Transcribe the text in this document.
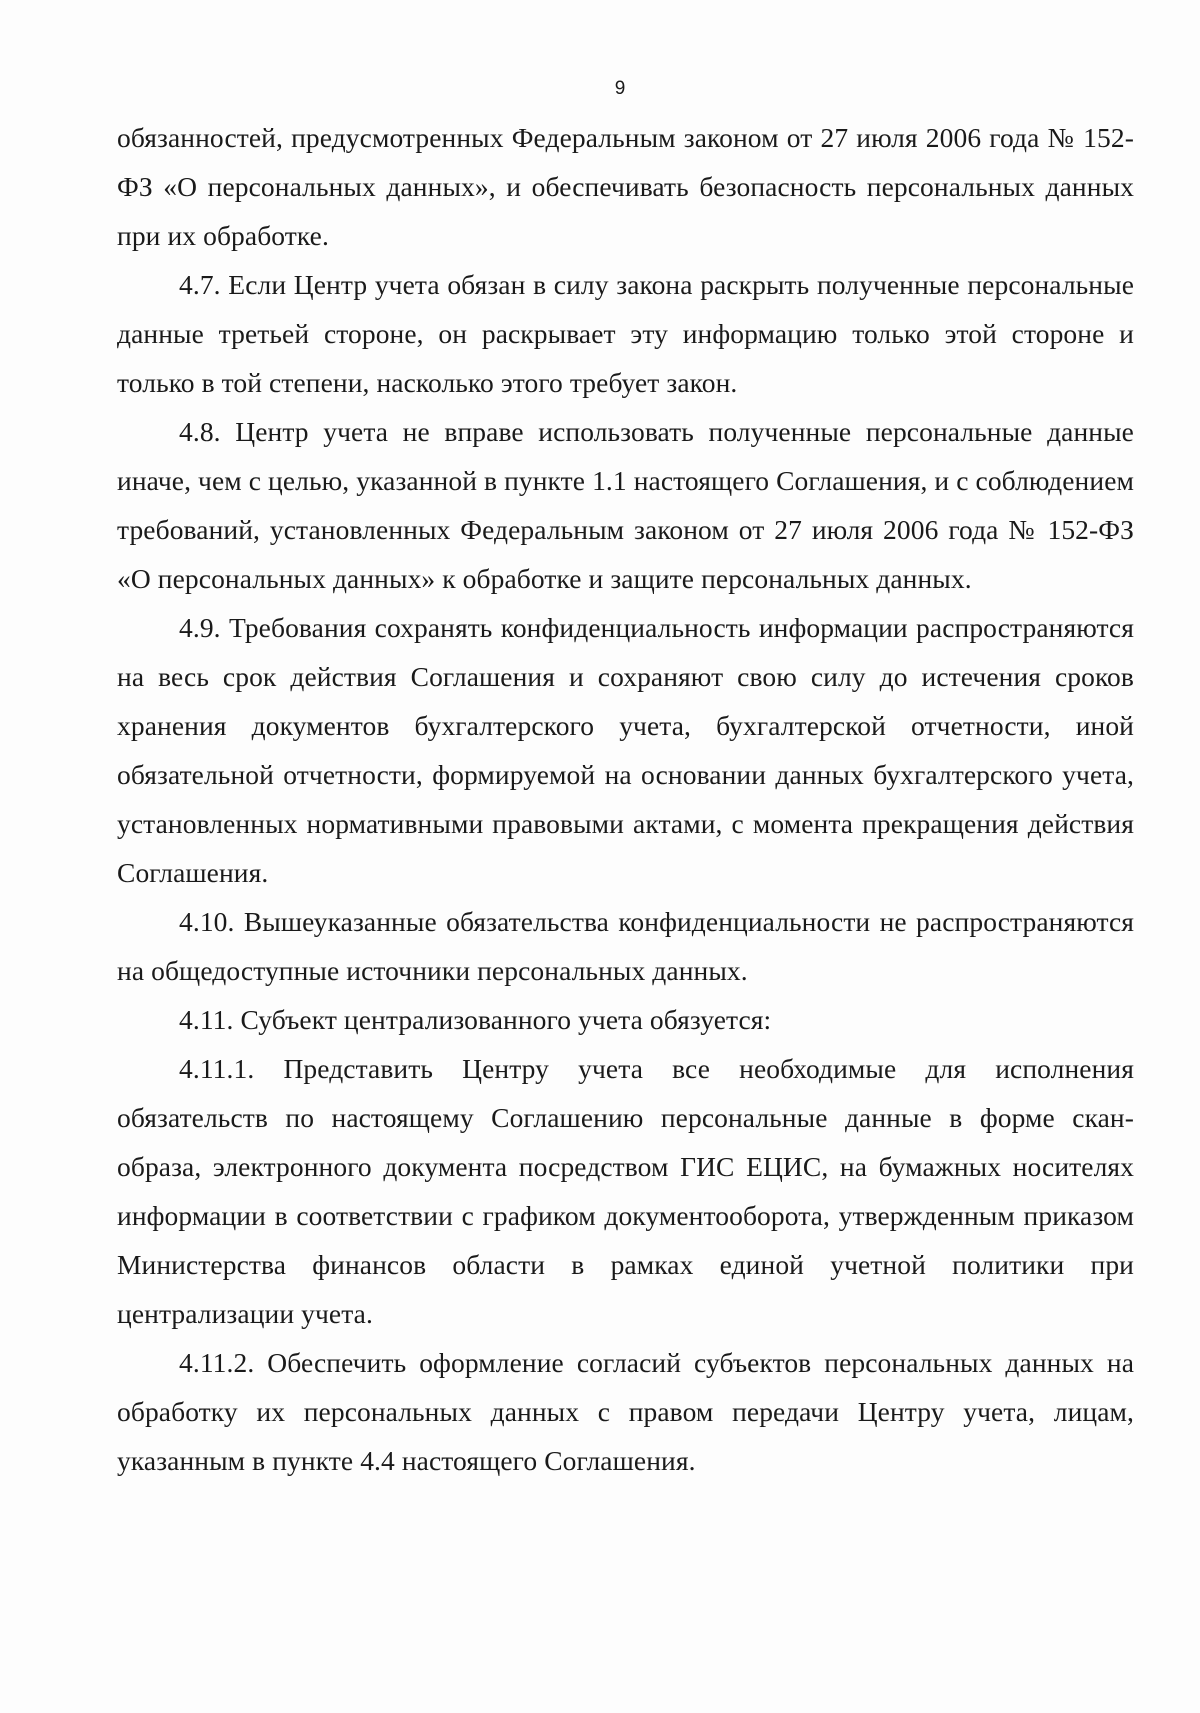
9

обязанностей, предусмотренных Федеральным законом от 27 июля 2006 года № 152-ФЗ «О персональных данных», и обеспечивать безопасность персональных данных при их обработке.

4.7. Если Центр учета обязан в силу закона раскрыть полученные персональные данные третьей стороне, он раскрывает эту информацию только этой стороне и только в той степени, насколько этого требует закон.

4.8. Центр учета не вправе использовать полученные персональные данные иначе, чем с целью, указанной в пункте 1.1 настоящего Соглашения, и с соблюдением требований, установленных Федеральным законом от 27 июля 2006 года № 152-ФЗ «О персональных данных» к обработке и защите персональных данных.

4.9. Требования сохранять конфиденциальность информации распространяются на весь срок действия Соглашения и сохраняют свою силу до истечения сроков хранения документов бухгалтерского учета, бухгалтерской отчетности, иной обязательной отчетности, формируемой на основании данных бухгалтерского учета, установленных нормативными правовыми актами, с момента прекращения действия Соглашения.

4.10. Вышеуказанные обязательства конфиденциальности не распространяются на общедоступные источники персональных данных.

4.11. Субъект централизованного учета обязуется:

4.11.1. Представить Центру учета все необходимые для исполнения обязательств по настоящему Соглашению персональные данные в форме скан-образа, электронного документа посредством ГИС ЕЦИС, на бумажных носителях информации в соответствии с графиком документооборота, утвержденным приказом Министерства финансов области в рамках единой учетной политики при централизации учета.

4.11.2. Обеспечить оформление согласий субъектов персональных данных на обработку их персональных данных с правом передачи Центру учета, лицам, указанным в пункте 4.4 настоящего Соглашения.
